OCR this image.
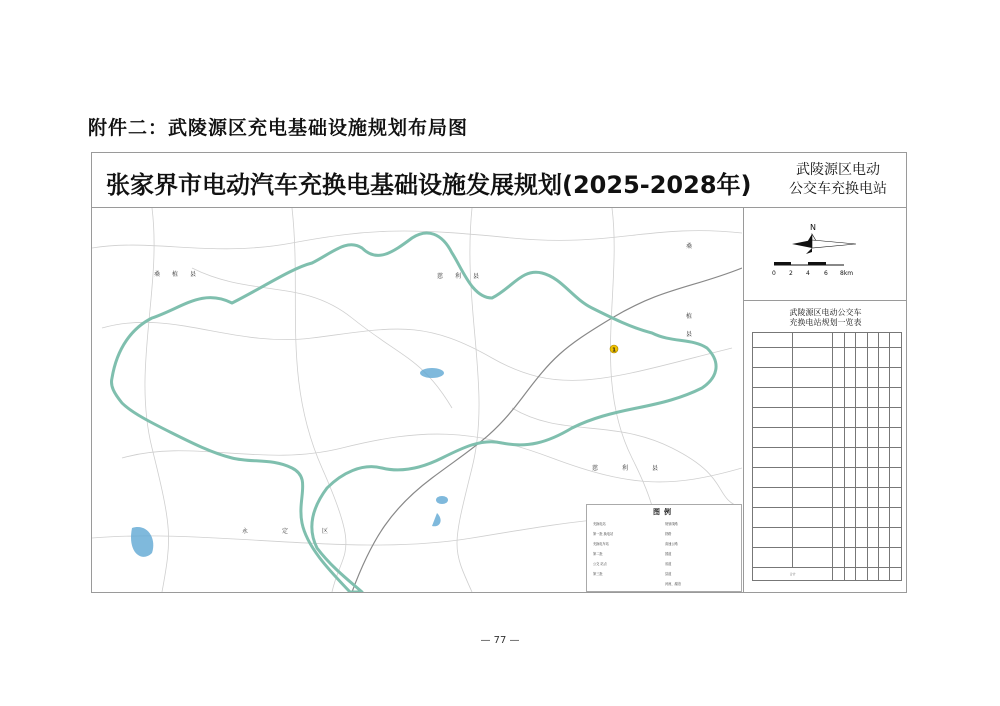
附件二：武陵源区充电基础设施规划布局图
张家界市电动汽车充换电基础设施发展规划(2025-2028年)
武陵源区电动
公交车充换电站
桑 植 县	慈 利 县
永	定	区
慈	利	县
桑
植
县
1
图例
充换电站
第一批 换电站
充换电车站
第二批
公交 站点
第三批
规划线路
铁路
高速公路
国道
省道
县道
河流、湖泊
N
0 2 4 6 8km
武陵源区电动公交车
充换电站规划一览表

合计							
— 77 —
